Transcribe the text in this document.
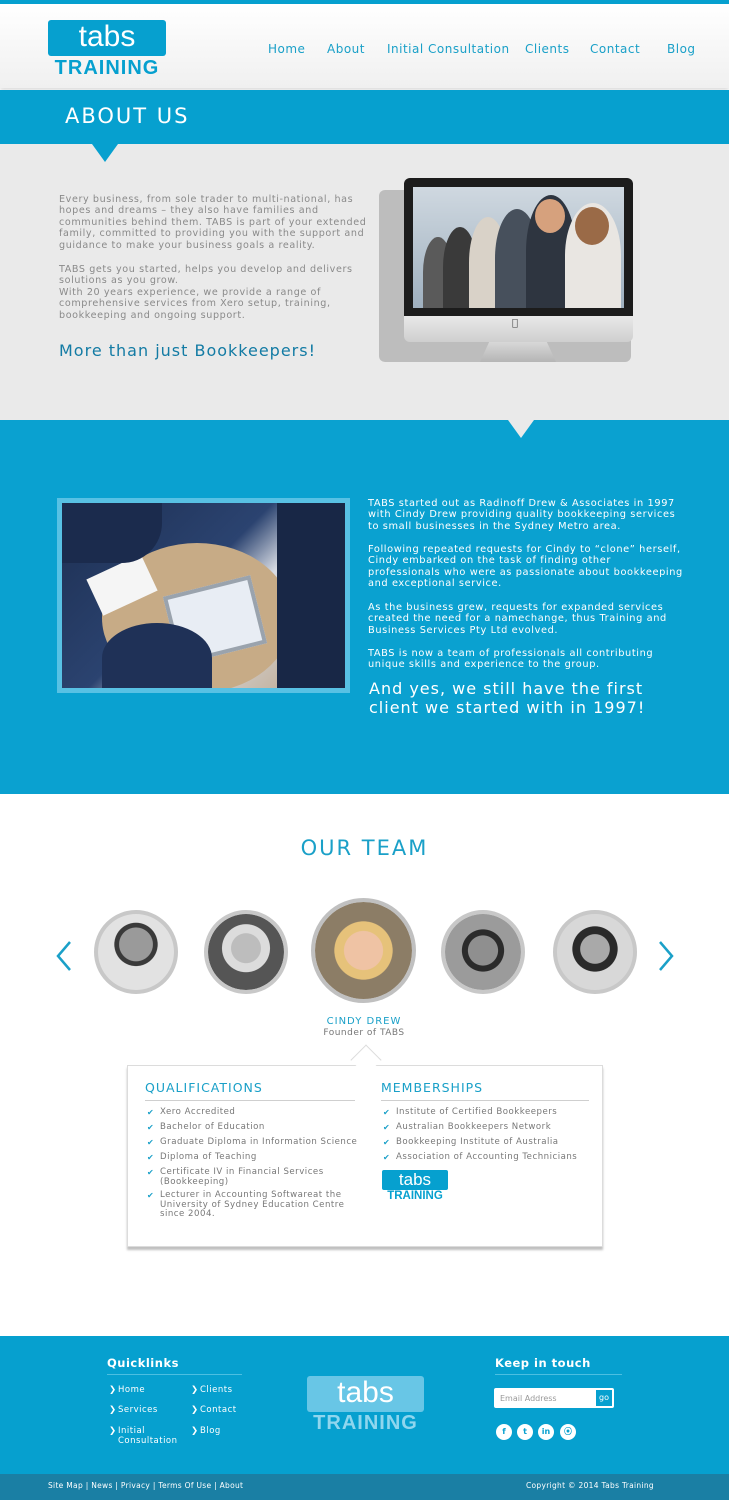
tabs
TRAINING
Home About Initial Consultation Clients Contact Blog
ABOUT US
Every business, from sole trader to multi-national, has
hopes and dreams – they also have families and
communities behind them. TABS is part of your extended
family, committed to providing you with the support and
guidance to make your business goals a reality.
TABS gets you started, helps you develop and delivers
solutions as you grow.
With 20 years experience, we provide a range of
comprehensive services from Xero setup, training,
bookkeeping and ongoing support.
More than just Bookkeepers!
TABS started out as Radinoff Drew & Associates in 1997
with Cindy Drew providing quality bookkeeping services
to small businesses in the Sydney Metro area.
Following repeated requests for Cindy to “clone” herself,
Cindy embarked on the task of finding other
professionals who were as passionate about bookkeeping
and exceptional service.
As the business grew, requests for expanded services
created the need for a namechange, thus Training and
Business Services Pty Ltd evolved.
TABS is now a team of professionals all contributing
unique skills and experience to the group.
And yes, we still have the first
client we started with in 1997!
OUR TEAM
CINDY DREW
Founder of TABS
QUALIFICATIONS	MEMBERSHIPS
✔ Xero Accredited
✔ Bachelor of Education
✔ Graduate Diploma in Information Science
✔ Diploma of Teaching
✔ Certificate IV in Financial Services
(Bookkeeping)
✔ Lecturer in Accounting Softwareat the
University of Sydney Education Centre
since 2004.
✔ Institute of Certified Bookkeepers
✔ Australian Bookkeepers Network
✔ Bookkeeping Institute of Australia
✔ Association of Accounting Technicians
tabs
TRAINING
Quicklinks
❯ Home
❯ Services
❯ Initial
Consultation
❯ Clients
❯ Contact
❯ Blog
tabs
TRAINING
Keep in touch
Email Address
go
f	t	in	⦿
Site Map | News | Privacy | Terms Of Use | About	Copyright © 2014 Tabs Training
